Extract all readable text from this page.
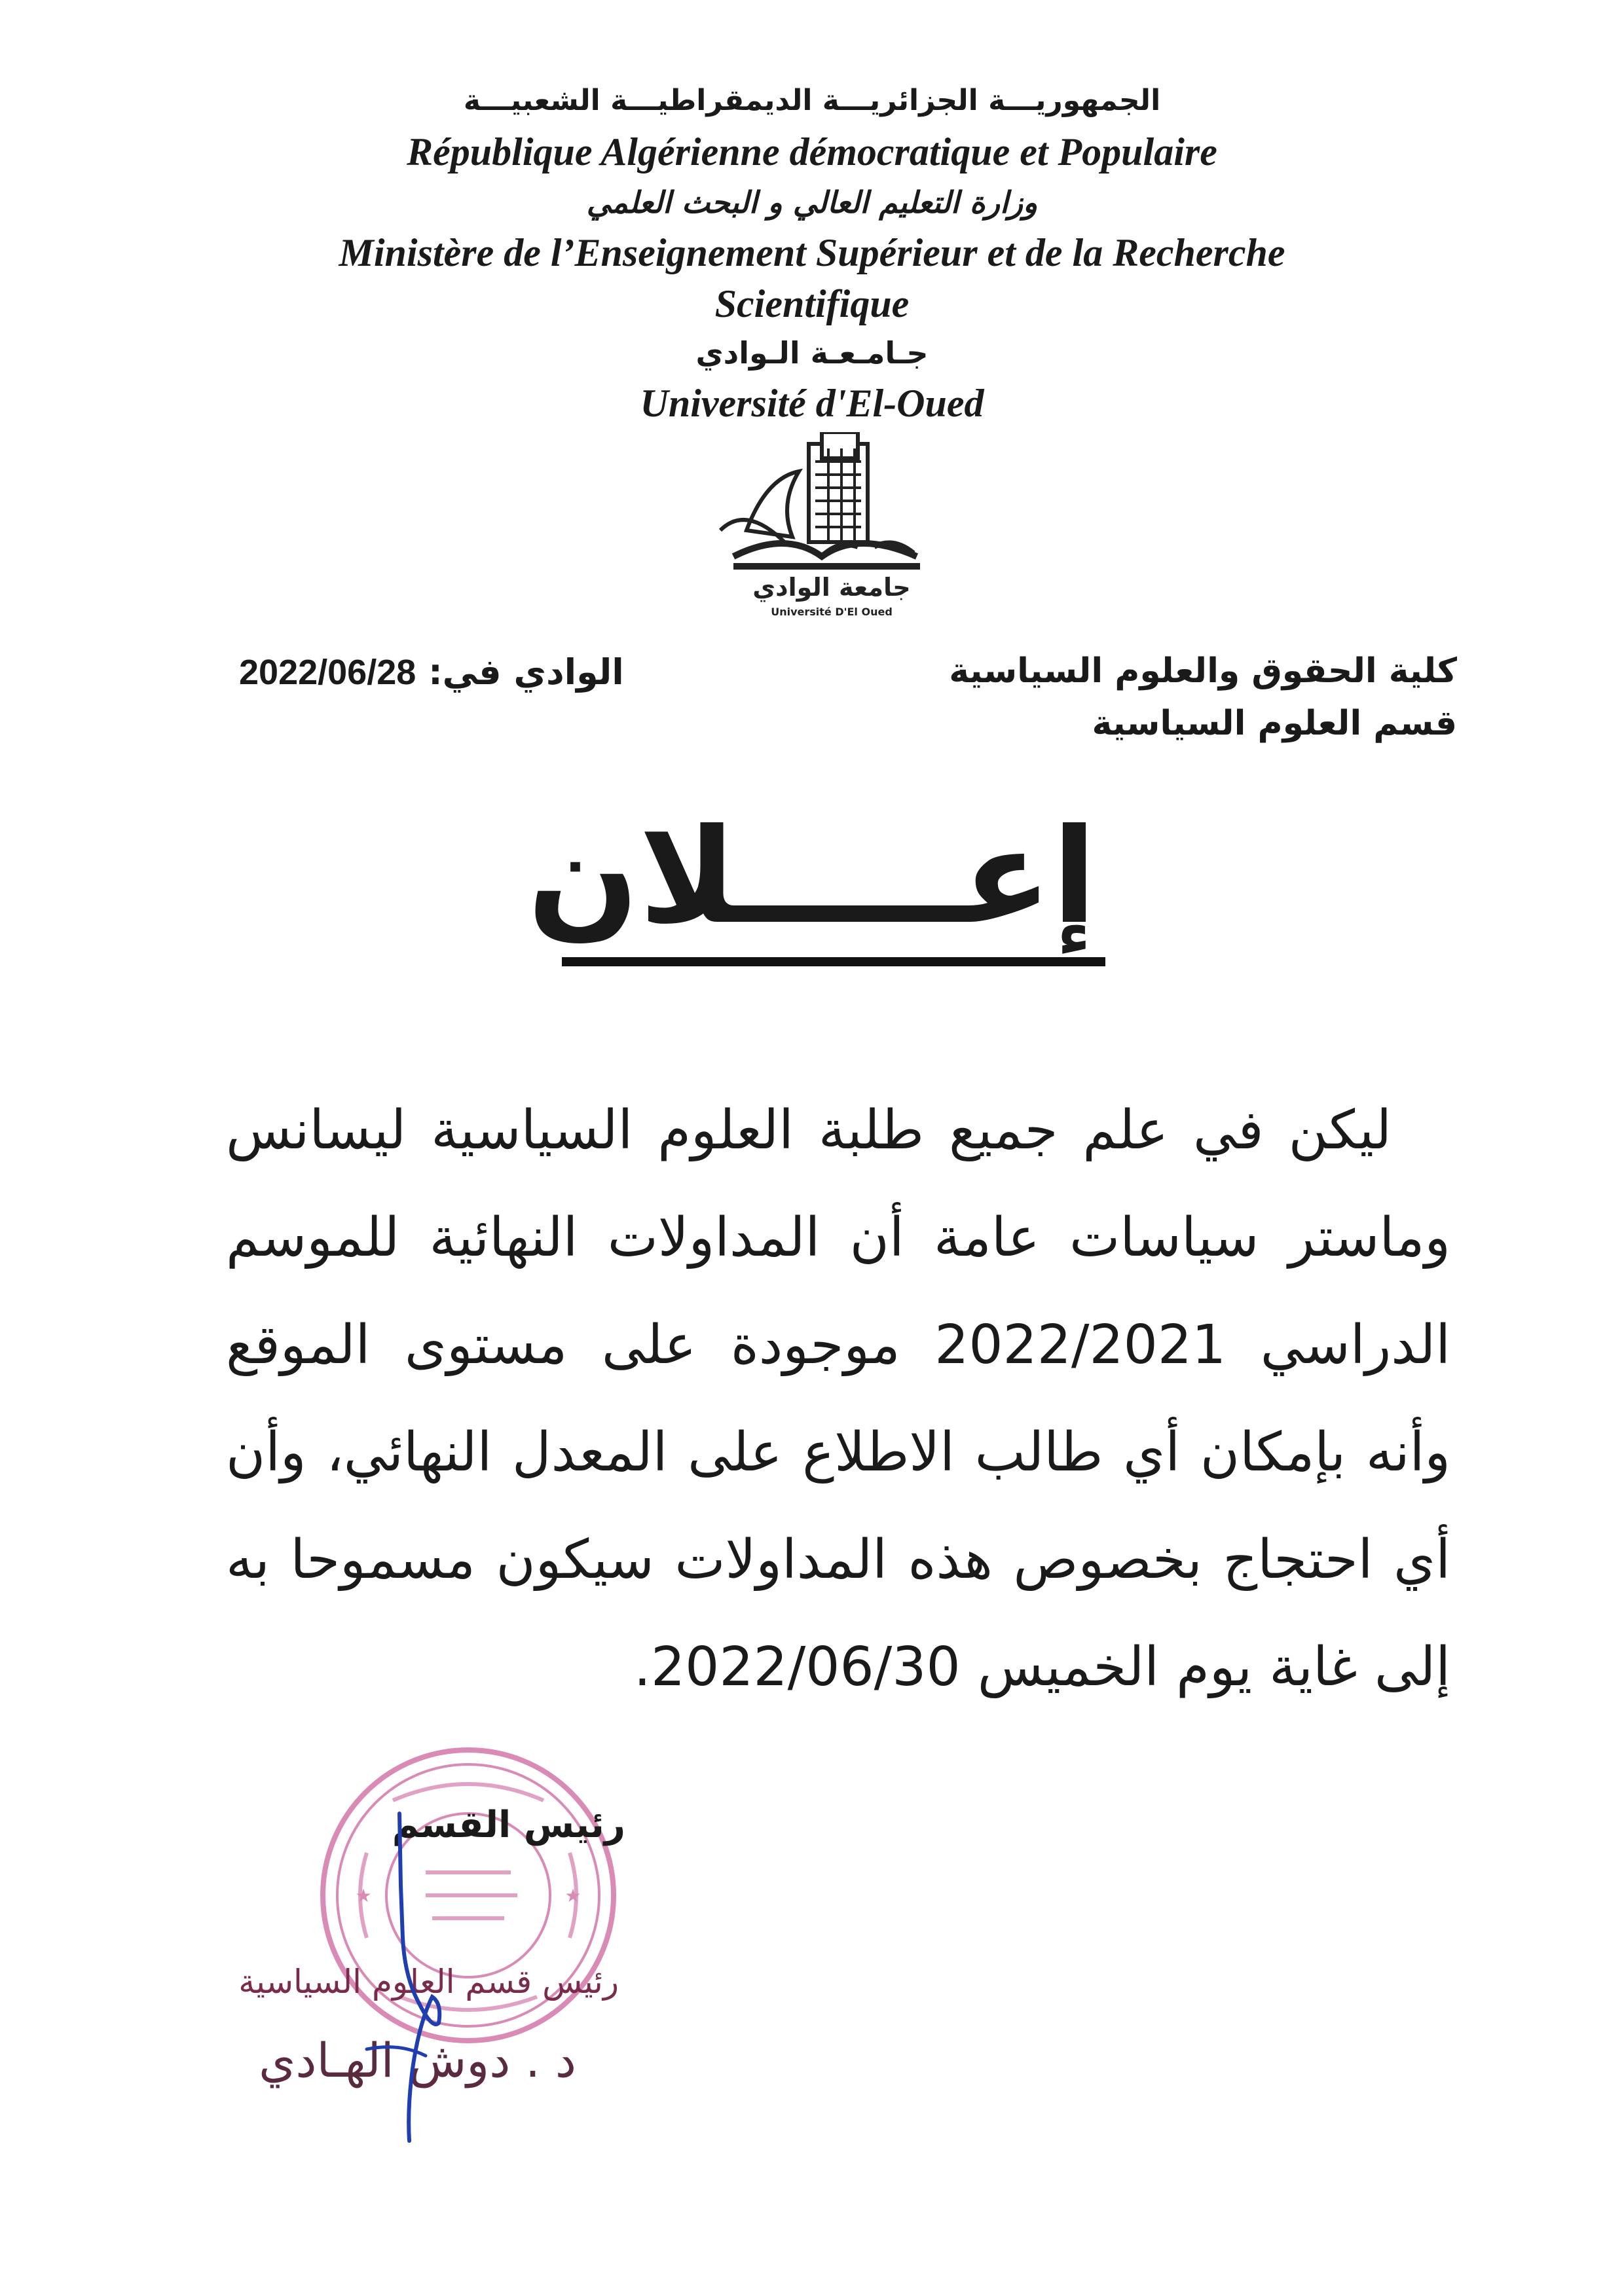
الجمهوريـــة الجزائريـــة الديمقراطيـــة الشعبيـــة
République Algérienne démocratique et Populaire
وزارة التعليم العالي و البحث العلمي
Ministère de l’Enseignement Supérieur et de la Recherche
Scientifique
جـامـعـة الـوادي
Université d'El-Oued
جامعة الوادي
Université D'El Oued
كلية الحقوق والعلوم السياسية
قسم العلوم السياسية
الوادي في: 2022/06/28
إعـــــلان
ليكن في علم جميع طلبة العلوم السياسية ليسانس وماستر سياسات عامة أن المداولات النهائية للموسم الدراسي 2022/2021 موجودة على مستوى الموقع وأنه بإمكان أي طالب الاطلاع على المعدل النهائي، وأن أي احتجاج بخصوص هذه المداولات سيكون مسموحا به إلى غاية يوم الخميس 2022/06/30.
★	★
رئيس القسم
رئيس قسم العلوم السياسية
د . دوش الهـادي
